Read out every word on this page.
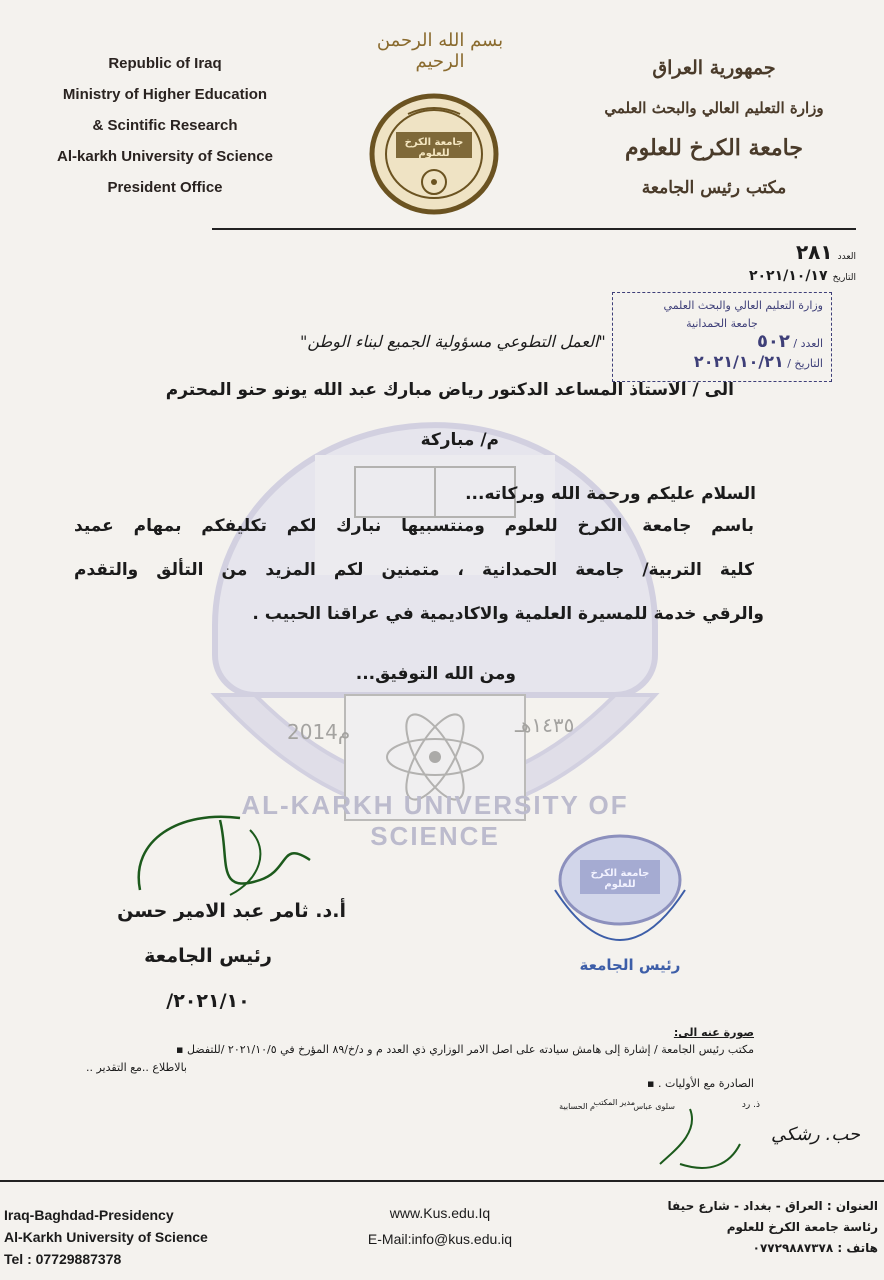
Republic of Iraq
Ministry of Higher Education
& Scintific Research
Al-karkh University of Science
President Office
بسم الله الرحمن الرحيم
جامعة الكرخ للعلوم
جمهورية العراق
وزارة التعليم العالي والبحث العلمي
جامعة الكرخ للعلوم
مكتب رئيس الجامعة
العدد ٢٨١
التاريخ ٢٠٢١/١٠/١٧
وزارة التعليم العالي والبحث العلمي
جامعة الحمدانية
العدد / ٥٠٢
التاريخ / ٢٠٢١/١٠/٢١
"العمل التطوعي مسؤولية الجميع لبناء الوطن"
AL-KARKH UNIVERSITY OF SCIENCE
2014م	١٤٣٥هـ
الى / الاستاذ المساعد الدكتور رياض مبارك عبد الله يونو حنو المحترم
م/ مباركة
السلام عليكم ورحمة الله وبركاته...
باسم جامعة الكرخ للعلوم ومنتسبيها نبارك لكم تكليفكم بمهام عميد
كلية التربية/ جامعة الحمدانية ، متمنين لكم المزيد من التألق والتقدم
والرقي خدمة للمسيرة العلمية والاكاديمية في عراقنا الحبيب .
ومن الله التوفيق...
أ.د. ثامر عبد الامير حسن
رئيس الجامعة
٢٠٢١/١٠/
جامعة الكرخ للعلوم
رئيس الجامعة
صورة عنه الى:
مكتب رئيس الجامعة / إشارة إلى هامش سيادته على اصل الامر الوزاري ذي العدد م و د/خ/٨٩ المؤرخ في ٢٠٢١/١٠/٥ /للتفضل ▪
بالاطلاع ..مع التقدير ..
الصادرة مع الأوليات . ▪
حب. رشكي
ذ. رد
سلوى عباس
مدير المكتب
م الحسابية
Iraq-Baghdad-Presidency
Al-Karkh University of Science
Tel : 07729887378
www.Kus.edu.Iq
E-Mail:info@kus.edu.iq
العنوان : العراق - بغداد - شارع حيفا
رئاسة جامعة الكرخ للعلوم
هاتف : ٠٧٧٢٩٨٨٧٣٧٨
